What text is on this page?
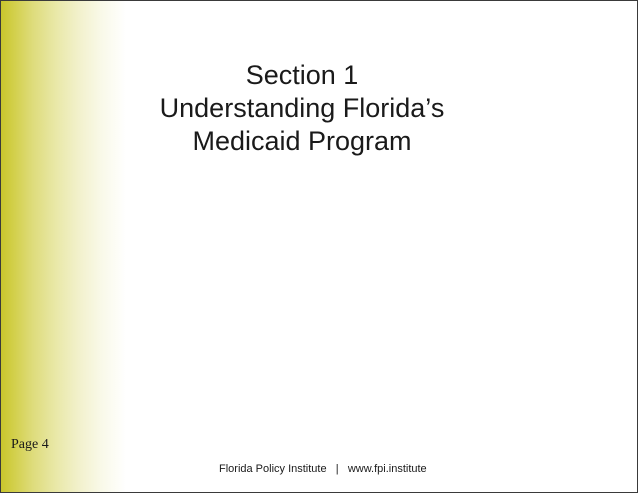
Section 1
Understanding Florida’s
Medicaid Program
Page 4
Florida Policy Institute | www.fpi.institute
